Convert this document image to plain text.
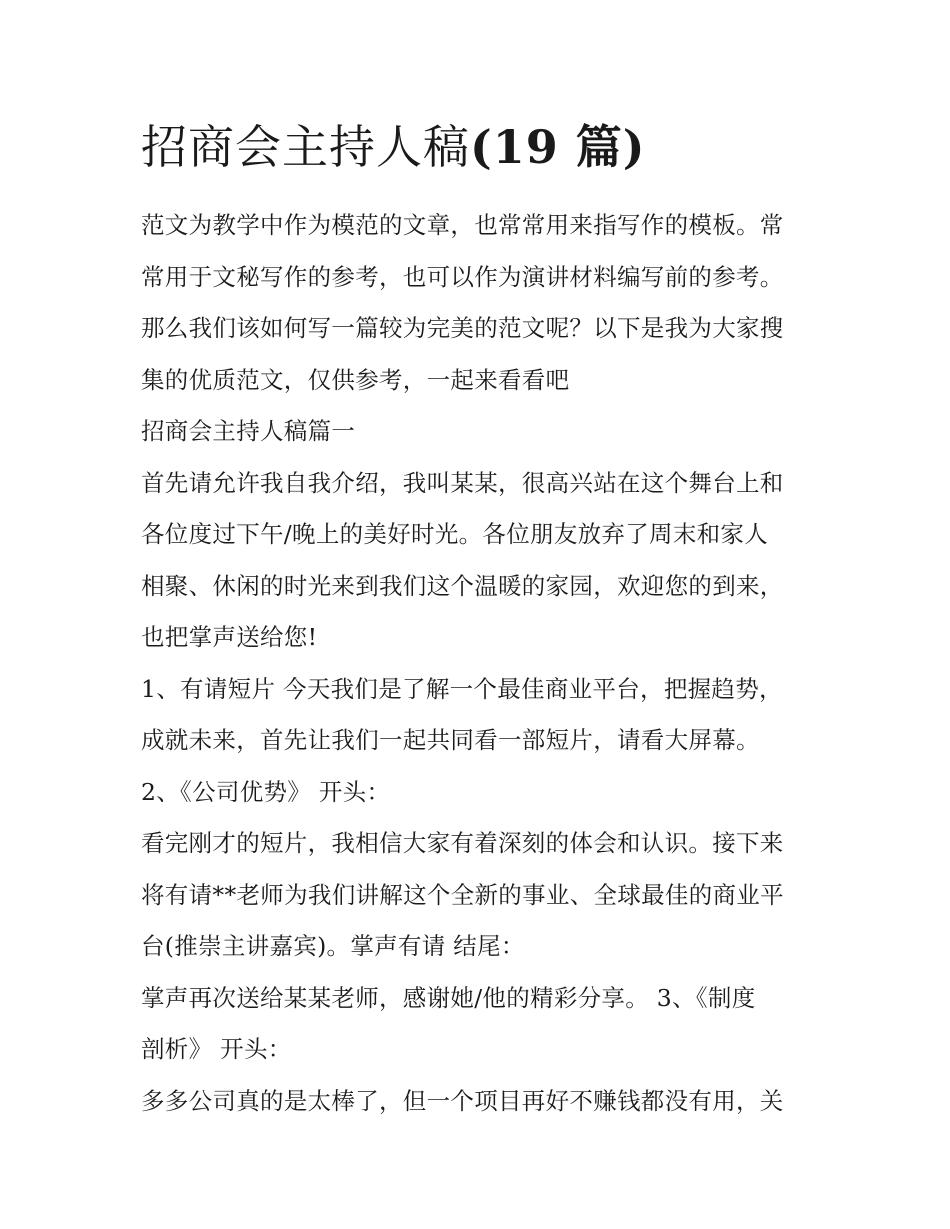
招商会主持人稿(19 篇)
范文为教学中作为模范的文章，也常常用来指写作的模板。常
常用于文秘写作的参考，也可以作为演讲材料编写前的参考。
那么我们该如何写一篇较为完美的范文呢？以下是我为大家搜
集的优质范文，仅供参考，一起来看看吧
招商会主持人稿篇一
首先请允许我自我介绍，我叫某某，很高兴站在这个舞台上和
各位度过下午/晚上的美好时光。各位朋友放弃了周末和家人
相聚、休闲的时光来到我们这个温暖的家园，欢迎您的到来，
也把掌声送给您!
1、有请短片 今天我们是了解一个最佳商业平台，把握趋势，
成就未来，首先让我们一起共同看一部短片，请看大屏幕。
2、《公司优势》 开头：
看完刚才的短片，我相信大家有着深刻的体会和认识。接下来
将有请**老师为我们讲解这个全新的事业、全球最佳的商业平
台(推崇主讲嘉宾)。掌声有请 结尾：
掌声再次送给某某老师，感谢她/他的精彩分享。 3、《制度
剖析》 开头：
多多公司真的是太棒了，但一个项目再好不赚钱都没有用，关
